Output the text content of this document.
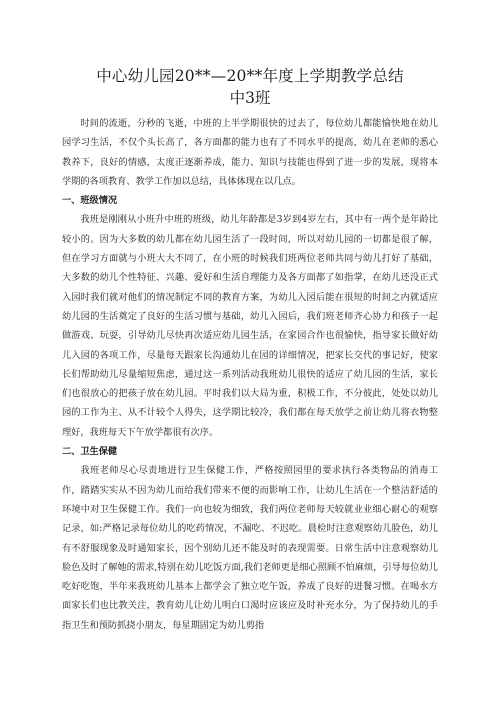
中心幼儿园20**—20**年度上学期教学总结
中3班

时间的流逝，分秒的飞逝，中班的上半学期很快的过去了，每位幼儿都能愉快地在幼儿园学习生活，不仅个头长高了，各方面都的能力也有了不同水平的提高，幼儿在老师的悉心教养下，良好的情感，太度正逐渐养成，能力、知识与技能也得到了进一步的发展，现将本学期的各项教育、教学工作加以总结，具体体现在以几点。

一、班级情况

我班是刚刚从小班升中班的班级，幼儿年龄都是3岁到4岁左右，其中有一两个是年龄比较小的。因为大多数的幼儿都在幼儿园生活了一段时间，所以对幼儿园的一切都是很了解，但在学习方面就与小班大大不同了，在小班的时候我们班两位老师共同与幼儿打好了基础，大多数的幼儿个性特征、兴趣、爱好和生活自理能力及各方面都了如指掌，在幼儿还没正式入园时我们就对他们的情况制定不同的教育方案，为幼儿入园后能在很短的时间之内就适应幼儿园的生活奠定了良好的生活习惯与基础，幼儿入园后，我们班老师齐心协力和孩子一起做游戏、玩耍，引导幼儿尽快再次适应幼儿园生活，在家园合作也很愉快，指导家长做好幼儿入园的各项工作，尽量每天跟家长沟通幼儿在园的详细情况，把家长交代的事记好，使家长们帮助幼儿尽量缩短焦虑，通过这一系列活动我班幼儿很快的适应了幼儿园的生活，家长们也很放心的把孩子放在幼儿园。平时我们以大局为重，积极工作，不分彼此，处处以幼儿园的工作为主、从不计较个人得失，这学期比较冷，我们都在每天放学之前让幼儿将衣物整理好，我班每天下午放学都很有次序。

二、卫生保健

我班老师尽心尽责地进行卫生保健工作，严格按照园里的要求执行各类物品的消毒工作，踏踏实实从不因为幼儿而给我们带来不便的而影响工作，让幼儿生活在一个整洁舒适的环境中对卫生保健工作。我们一向也较为细致，我们两位老师每天较就业业细心耐心的观察记录，如:严格记录每位幼儿的吃药情况，不漏吃、不迟吃。晨检时注意观察幼儿脸色，幼儿有不舒服现象及时通知家长，因个别幼儿还不能及时的表现需要。日常生活中注意观察幼儿脸色及时了解她的需求,特别在幼儿吃饭方面,我们老师更是细心照顾不怕麻烦，引导每位幼儿吃好吃饱，半年来我班幼儿基本上都学会了独立吃午饭，养成了良好的进餐习惯。在喝水方面家长们也比教关注，教育幼儿让幼儿明白口渴时应该应及时补充水分，为了保持幼儿的手指卫生和预防抓挠小朋友，每星期固定为幼儿剪指
